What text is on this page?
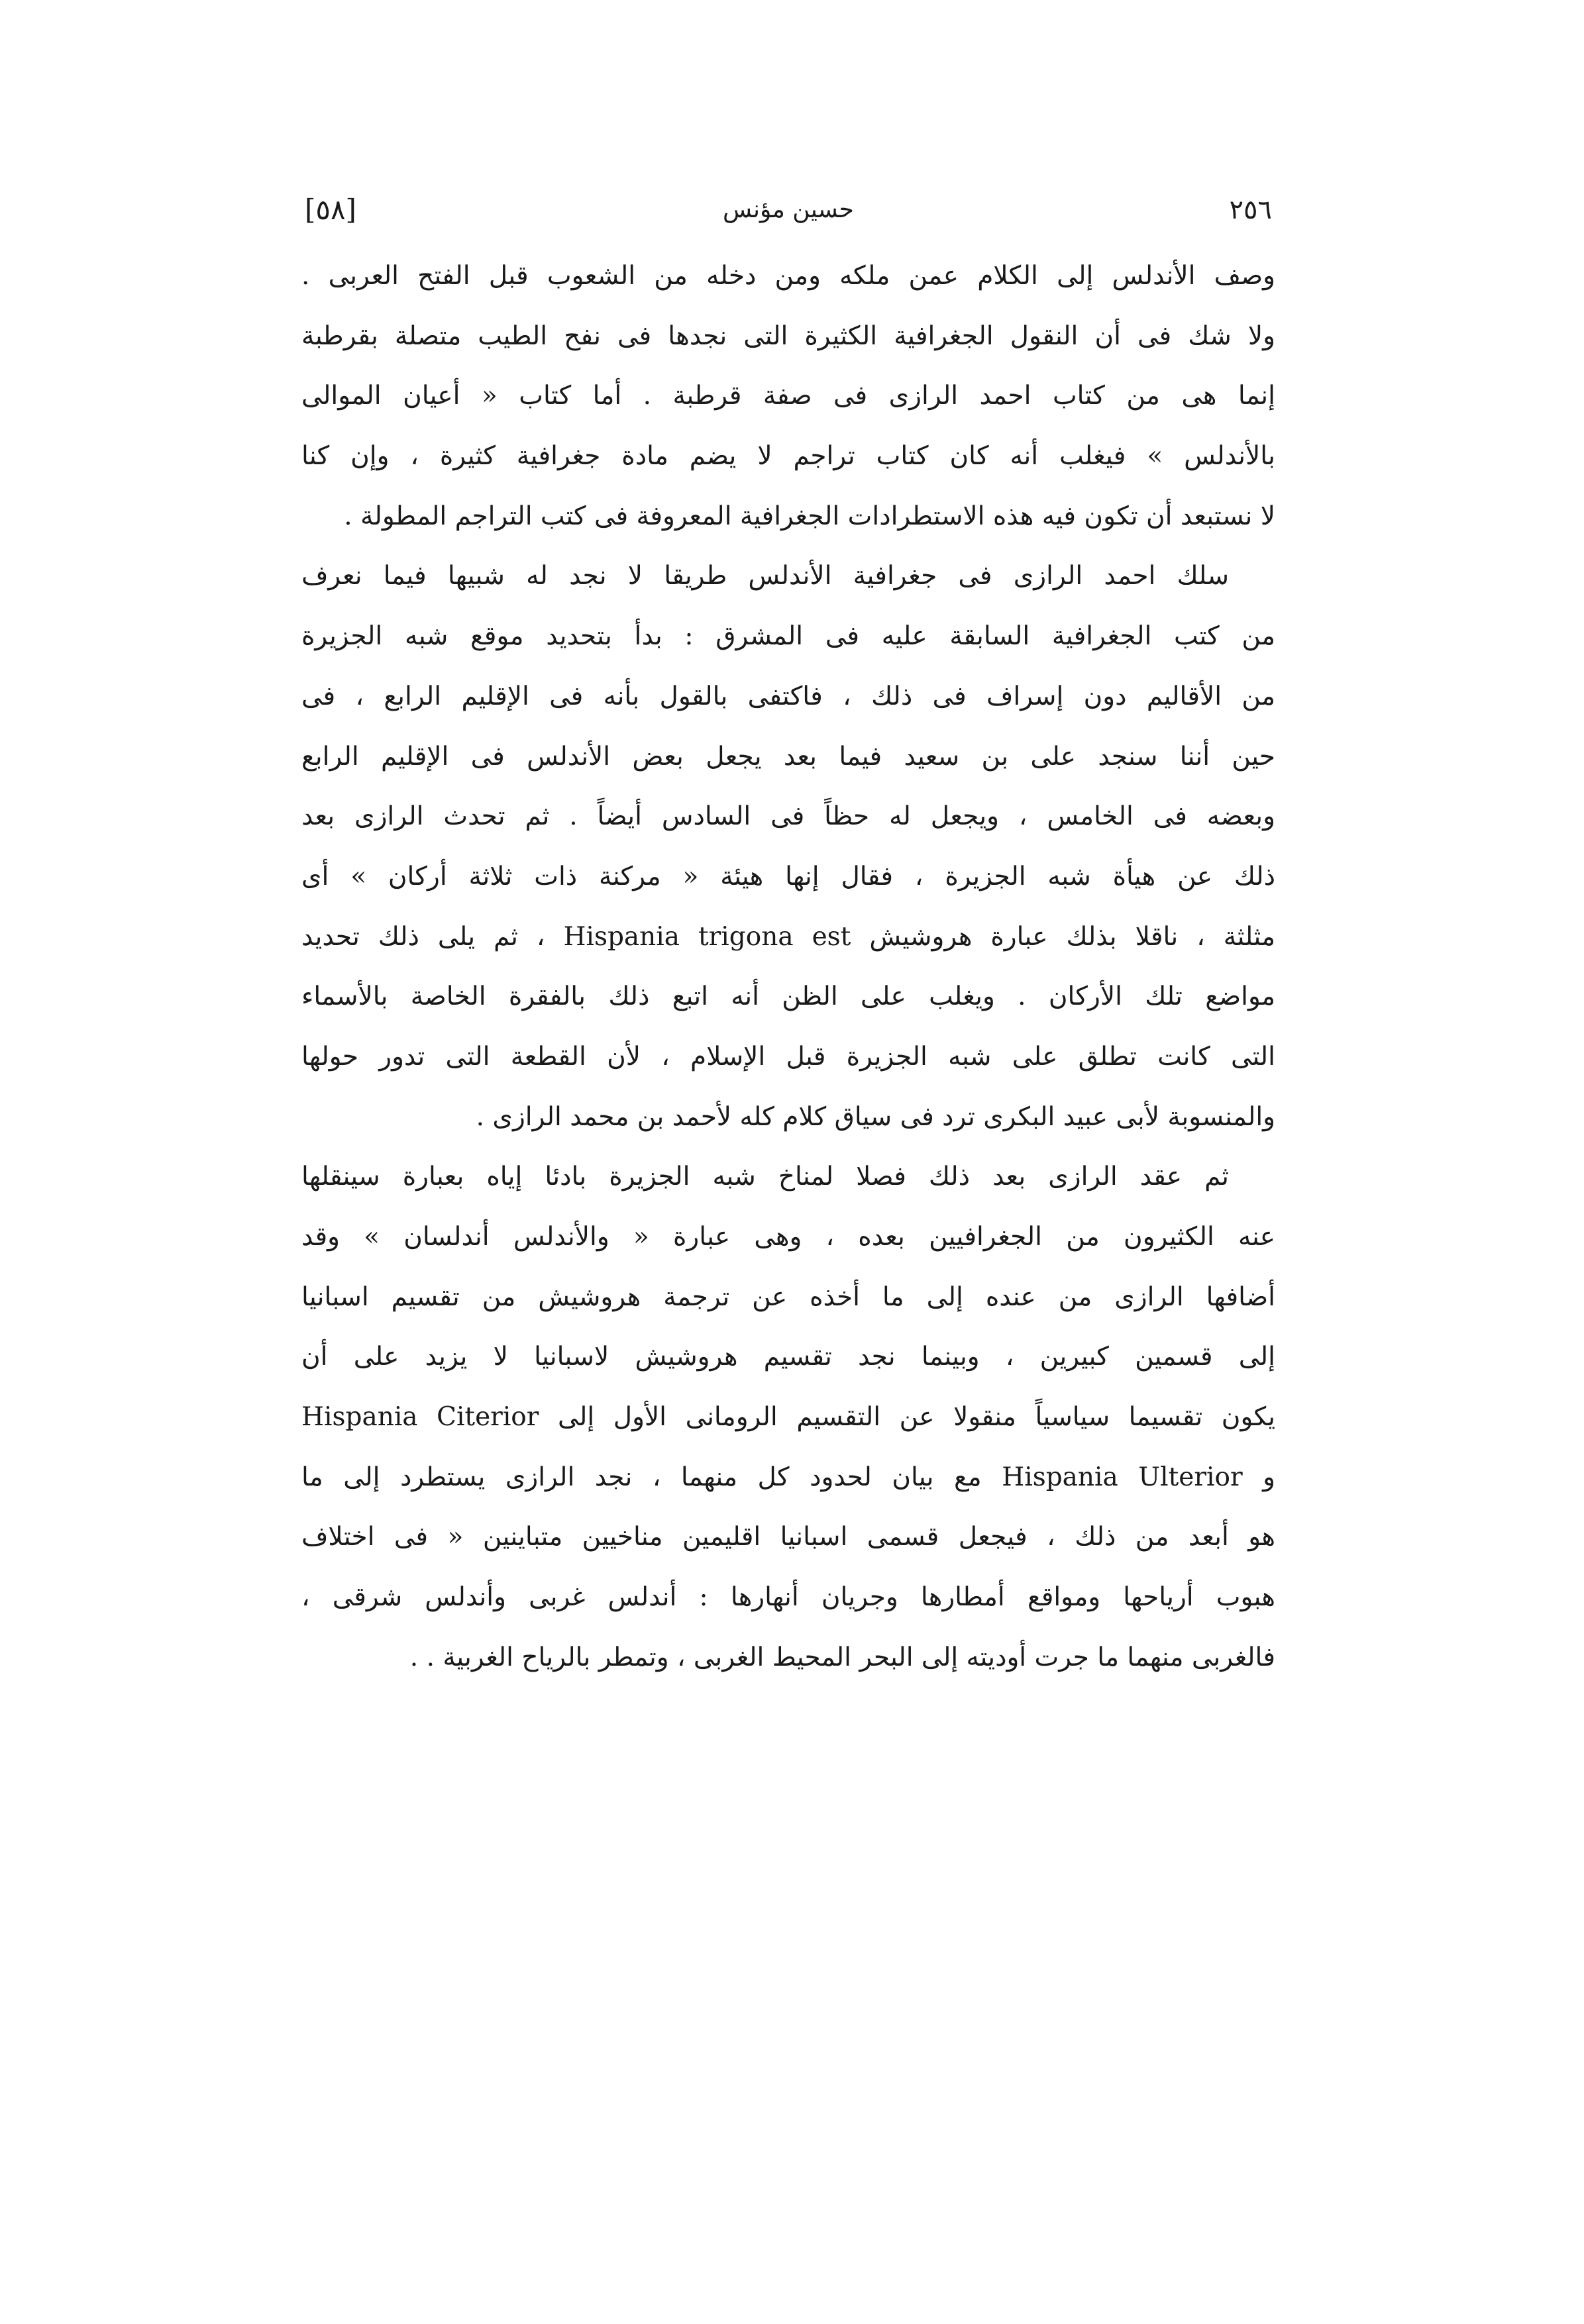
٢٥٦
حسين مؤنس
[٥٨]
وصف الأندلس إلى الكلام عمن ملكه ومن دخله من الشعوب قبل الفتح العربى .
ولا شك فى أن النقول الجغرافية الكثيرة التى نجدها فى نفح الطيب متصلة بقرطبة
إنما هى من كتاب احمد الرازى فى صفة قرطبة . أما كتاب « أعيان الموالى
بالأندلس » فيغلب أنه كان كتاب تراجم لا يضم مادة جغرافية كثيرة ، وإن كنا
لا نستبعد أن تكون فيه هذه الاستطرادات الجغرافية المعروفة فى كتب التراجم المطولة .
سلك احمد الرازى فى جغرافية الأندلس طريقا لا نجد له شبيها فيما نعرف
من كتب الجغرافية السابقة عليه فى المشرق : بدأ بتحديد موقع شبه الجزيرة
من الأقاليم دون إسراف فى ذلك ، فاكتفى بالقول بأنه فى الإقليم الرابع ، فى
حين أننا سنجد على بن سعيد فيما بعد يجعل بعض الأندلس فى الإقليم الرابع
وبعضه فى الخامس ، ويجعل له حظاً فى السادس أيضاً . ثم تحدث الرازى بعد
ذلك عن هيأة شبه الجزيرة ، فقال إنها هيئة « مركنة ذات ثلاثة أركان » أى
مثلثة ، ناقلا بذلك عبارة هروشيش Hispania trigona est ، ثم يلى ذلك تحديد
مواضع تلك الأركان . ويغلب على الظن أنه اتبع ذلك بالفقرة الخاصة بالأسماء
التى كانت تطلق على شبه الجزيرة قبل الإسلام ، لأن القطعة التى تدور حولها
والمنسوبة لأبى عبيد البكرى ترد فى سياق كلام كله لأحمد بن محمد الرازى .
ثم عقد الرازى بعد ذلك فصلا لمناخ شبه الجزيرة بادئا إياه بعبارة سينقلها
عنه الكثيرون من الجغرافيين بعده ، وهى عبارة « والأندلس أندلسان » وقد
أضافها الرازى من عنده إلى ما أخذه عن ترجمة هروشيش من تقسيم اسبانيا
إلى قسمين كبيرين ، وبينما نجد تقسيم هروشيش لاسبانيا لا يزيد على أن
يكون تقسيما سياسياً منقولا عن التقسيم الرومانى الأول إلى Hispania Citerior
و Hispania Ulterior مع بيان لحدود كل منهما ، نجد الرازى يستطرد إلى ما
هو أبعد من ذلك ، فيجعل قسمى اسبانيا اقليمين مناخيين متباينين « فى اختلاف
هبوب أرياحها ومواقع أمطارها وجريان أنهارها : أندلس غربى وأندلس شرقى ،
فالغربى منهما ما جرت أوديته إلى البحر المحيط الغربى ، وتمطر بالرياح الغربية . .
